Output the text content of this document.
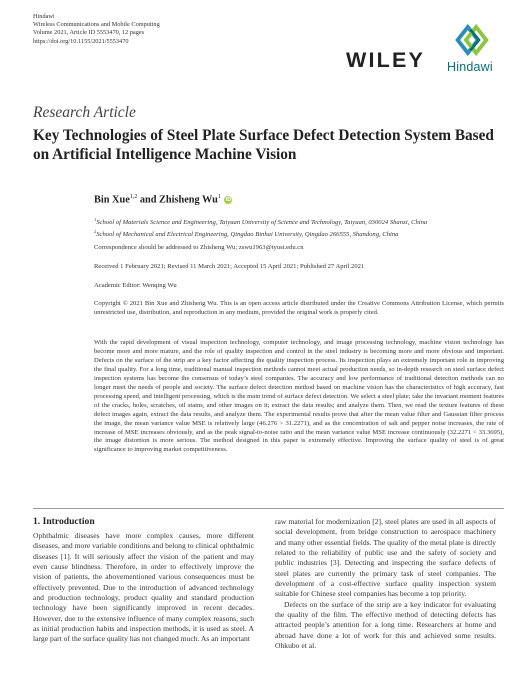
Hindawi
Wireless Communications and Mobile Computing
Volume 2021, Article ID 5553470, 12 pages
https://doi.org/10.1155/2021/5553470
WILEY Hindawi
Research Article
Key Technologies of Steel Plate Surface Defect Detection System Based on Artificial Intelligence Machine Vision
Bin Xue$^{1,2}$ and Zhisheng Wu$^1$ iD
$^1$School of Materials Science and Engineering, Taiyuan University of Science and Technology, Taiyuan, 030024 Shanxi, China
$^2$School of Mechanical and Electrical Engineering, Qingdao Binhai University, Qingdao 266555, Shandong, China
Correspondence should be addressed to Zhisheng Wu; zswu1963@tyust.edu.cn
Received 1 February 2021; Revised 11 March 2021; Accepted 15 April 2021; Published 27 April 2021
Academic Editor: Wenqing Wu
Copyright © 2021 Bin Xue and Zhisheng Wu. This is an open access article distributed under the Creative Commons Attribution License, which permits unrestricted use, distribution, and reproduction in any medium, provided the original work is properly cited.
With the rapid development of visual inspection technology, computer technology, and image processing technology, machine vision technology has become more and more mature, and the role of quality inspection and control in the steel industry is becoming more and more obvious and important. Defects on the surface of the strip are a key factor affecting the quality inspection process. Its inspection plays an extremely important role in improving the final quality. For a long time, traditional manual inspection methods cannot meet actual production needs, so in-depth research on steel surface defect inspection systems has become the consensus of today’s steel companies. The accuracy and low performance of traditional detection methods can no longer meet the needs of people and society. The surface defect detection method based on machine vision has the characteristics of high accuracy, fast processing speed, and intelligent processing, which is the main trend of surface defect detection. We select a steel plate; take the invariant moment features of the cracks, holes, scratches, oil stains, and other images on it; extract the data results; and analyze them. Then, we read the texture features of these defect images again, extract the data results, and analyze them. The experimental results prove that after the mean value filter and Gaussian filter process the image, the mean variance value MSE is relatively large (46.276 > 31.2271), and as the concentration of salt and pepper noise increases, the rate of increase of MSE increases obviously, and as the peak signal-to-noise ratio and the mean variance value MSE increase continuously (32.2271 < 33.3695), the image distortion is more serious. The method designed in this paper is extremely effective. Improving the surface quality of steel is of great significance to improving market competitiveness.
1. Introduction

Ophthalmic diseases have more complex causes, more different diseases, and more variable conditions and belong to clinical ophthalmic diseases [1]. It will seriously affect the vision of the patient and may even cause blindness. Therefore, in order to effectively improve the vision of patients, the abovementioned various consequences must be effectively prevented. Due to the introduction of advanced technology and production technology, product quality and standard production technology have been significantly improved in recent decades. However, due to the extensive influence of many complex reasons, such as initial production habits and inspection methods, it is used as steel. A large part of the surface quality has not changed much. As an important

raw material for modernization [2], steel plates are used in all aspects of social development, from bridge construction to aerospace machinery and many other essential fields. The quality of the metal plate is directly related to the reliability of public use and the safety of society and public industries [3]. Detecting and inspecting the surface defects of steel plates are currently the primary task of steel companies. The development of a cost-effective surface quality inspection system suitable for Chinese steel companies has become a top priority.

Defects on the surface of the strip are a key indicator for evaluating the quality of the film. The effective method of detecting defects has attracted people’s attention for a long time. Researchers at home and abroad have done a lot of work for this and achieved some results. Ohkubo et al.
